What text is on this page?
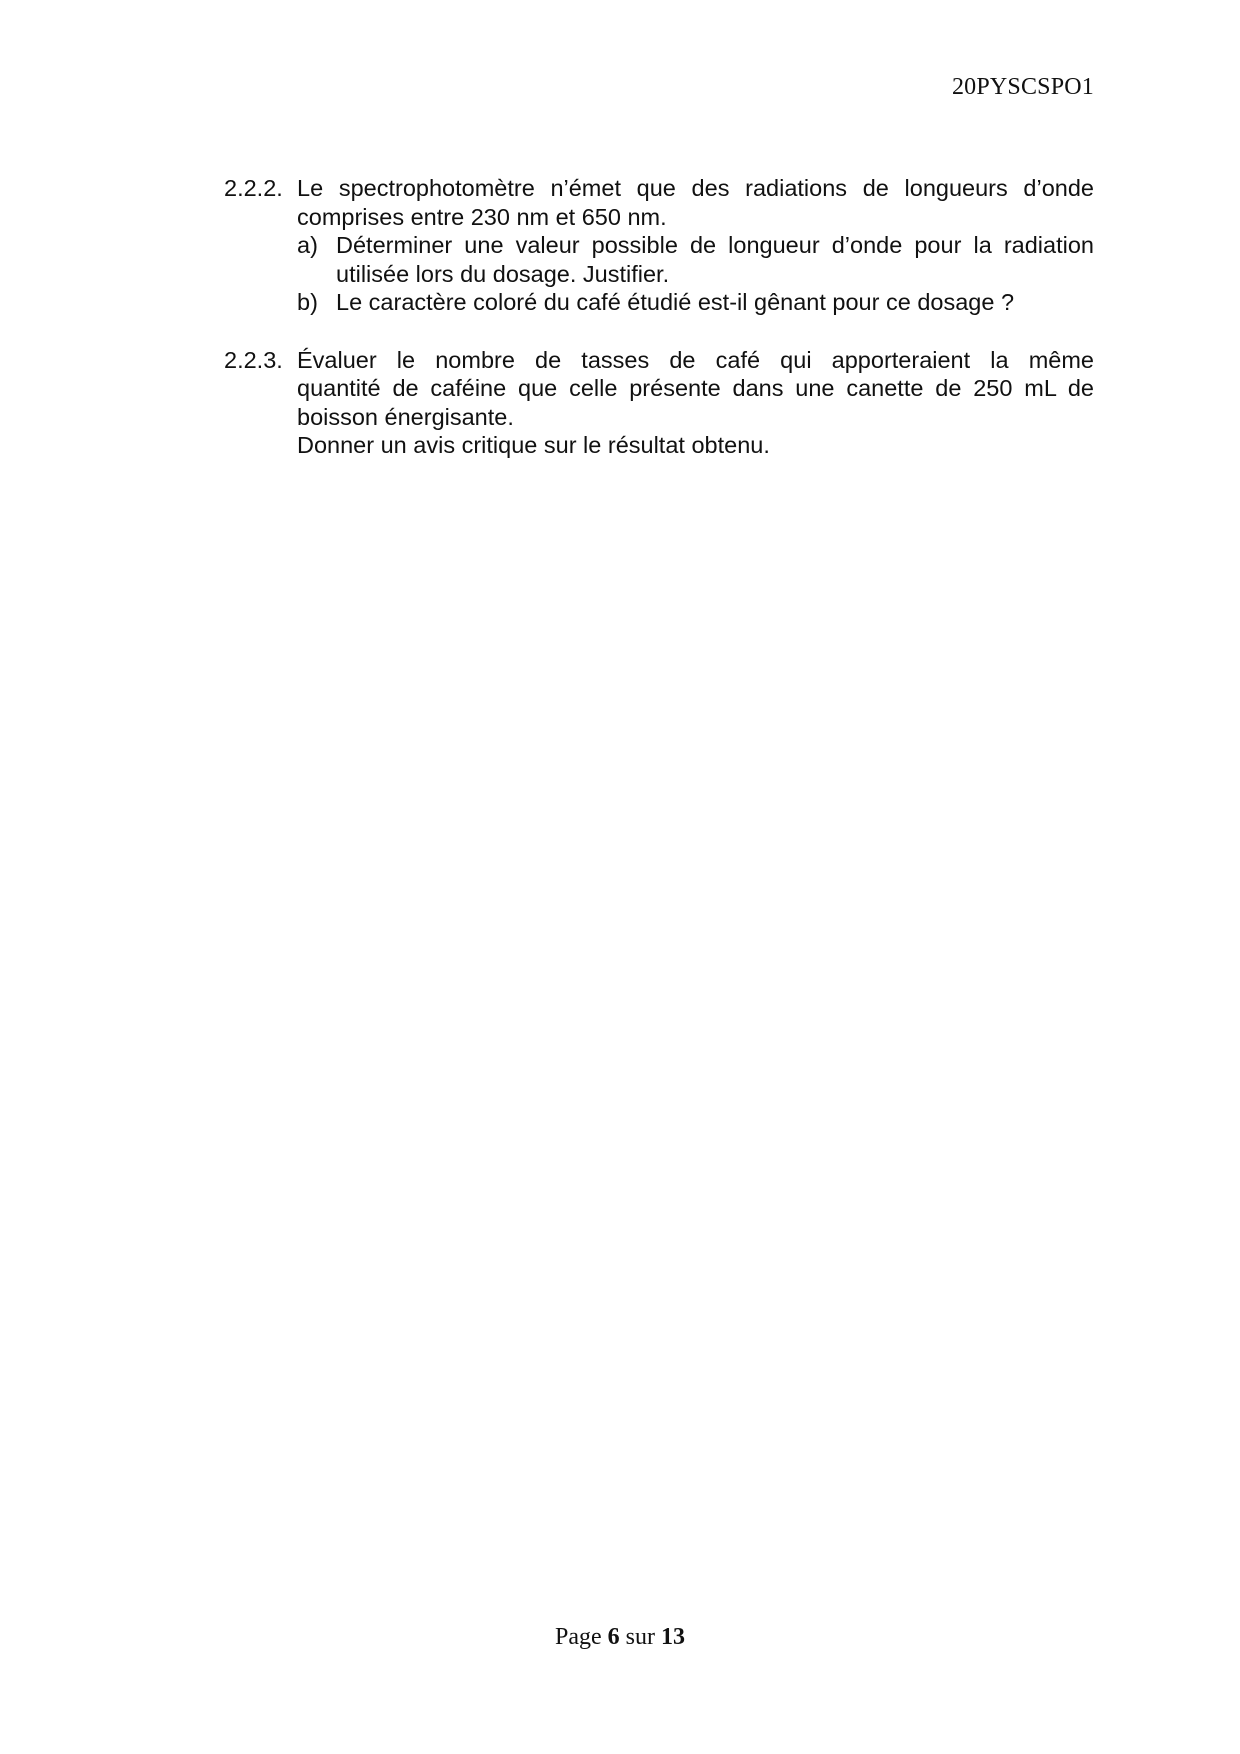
20PYSCSPO1
2.2.2. Le spectrophotomètre n’émet que des radiations de longueurs d’onde
comprises entre 230 nm et 650 nm.
a) Déterminer une valeur possible de longueur d’onde pour la radiation
utilisée lors du dosage. Justifier.
b) Le caractère coloré du café étudié est-il gênant pour ce dosage ?
2.2.3. Évaluer le nombre de tasses de café qui apporteraient la même
quantité de caféine que celle présente dans une canette de 250 mL de
boisson énergisante.
Donner un avis critique sur le résultat obtenu.
Page 6 sur 13
